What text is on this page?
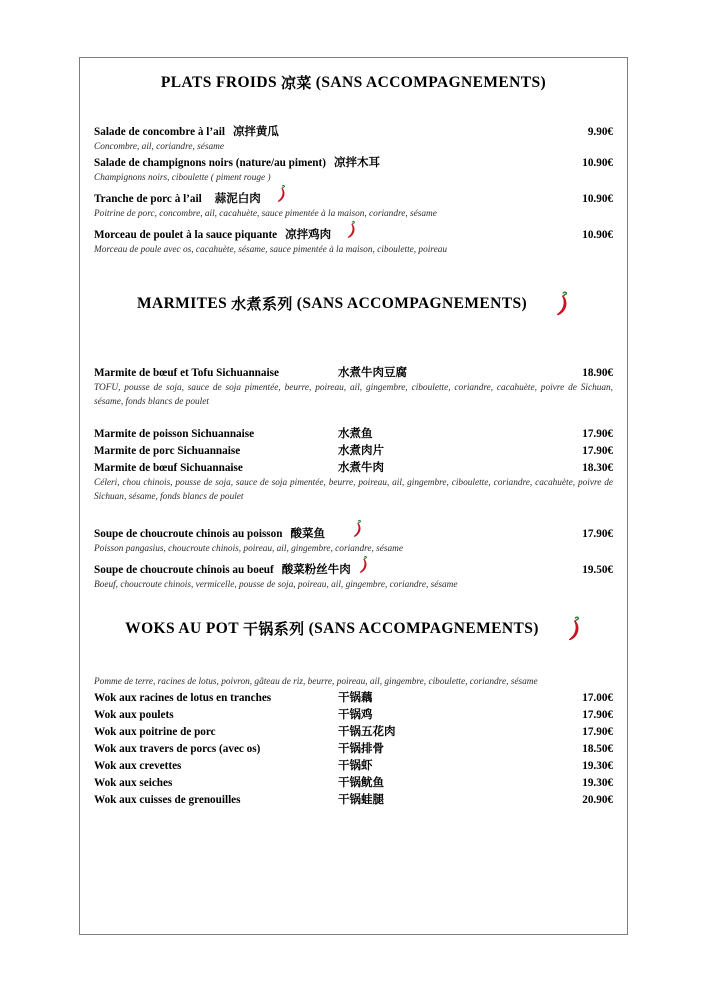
PLATS FROIDS 凉菜 (SANS ACCOMPAGNEMENTS)
Salade de concombre à l’ail 凉拌黄瓜	9.90€
Concombre, ail, coriandre, sésame
Salade de champignons noirs (nature/au piment) 凉拌木耳	10.90€
Champignons noirs, ciboulette ( piment rouge )
Tranche de porc à l’ail	蒜泥白肉	10.90€
Poitrine de porc, concombre, ail, cacahuète, sauce pimentée à la maison, coriandre, sésame
Morceau de poulet à la sauce piquante 凉拌鸡肉	10.90€
Morceau de poule avec os, cacahuète, sésame, sauce pimentée à la maison, ciboulette, poireau
MARMITES 水煮系列 (SANS ACCOMPAGNEMENTS)
Marmite de bœuf et Tofu Sichuannaise	水煮牛肉豆腐	18.90€
TOFU, pousse de soja, sauce de soja pimentée, beurre, poireau, ail, gingembre, ciboulette, coriandre, cacahuète, poivre de Sichuan, sésame, fonds blancs de poulet
Marmite de poisson Sichuannaise	水煮鱼	17.90€
Marmite de porc Sichuannaise	水煮肉片	17.90€
Marmite de bœuf Sichuannaise	水煮牛肉	18.30€
Céleri, chou chinois, pousse de soja, sauce de soja pimentée, beurre, poireau, ail, gingembre, ciboulette, coriandre, cacahuète, poivre de Sichuan, sésame, fonds blancs de poulet
Soupe de choucroute chinois au poisson 酸菜鱼	17.90€
Poisson pangasius, choucroute chinois, poireau, ail, gingembre, coriandre, sésame
Soupe de choucroute chinois au boeuf 酸菜粉丝牛肉	19.50€
Boeuf, choucroute chinois, vermicelle, pousse de soja, poireau, ail, gingembre, coriandre, sésame
WOKS AU POT 干锅系列 (SANS ACCOMPAGNEMENTS)
Pomme de terre, racines de lotus, poivron, gâteau de riz, beurre, poireau, ail, gingembre, ciboulette, coriandre, sésame
Wok aux racines de lotus en tranches	干锅藕	17.00€
Wok aux poulets	干锅鸡	17.90€
Wok aux poitrine de porc	干锅五花肉	17.90€
Wok aux travers de porcs (avec os)	干锅排骨	18.50€
Wok aux crevettes	干锅虾	19.30€
Wok aux seiches	干锅鱿鱼	19.30€
Wok aux cuisses de grenouilles	干锅蛙腿	20.90€
